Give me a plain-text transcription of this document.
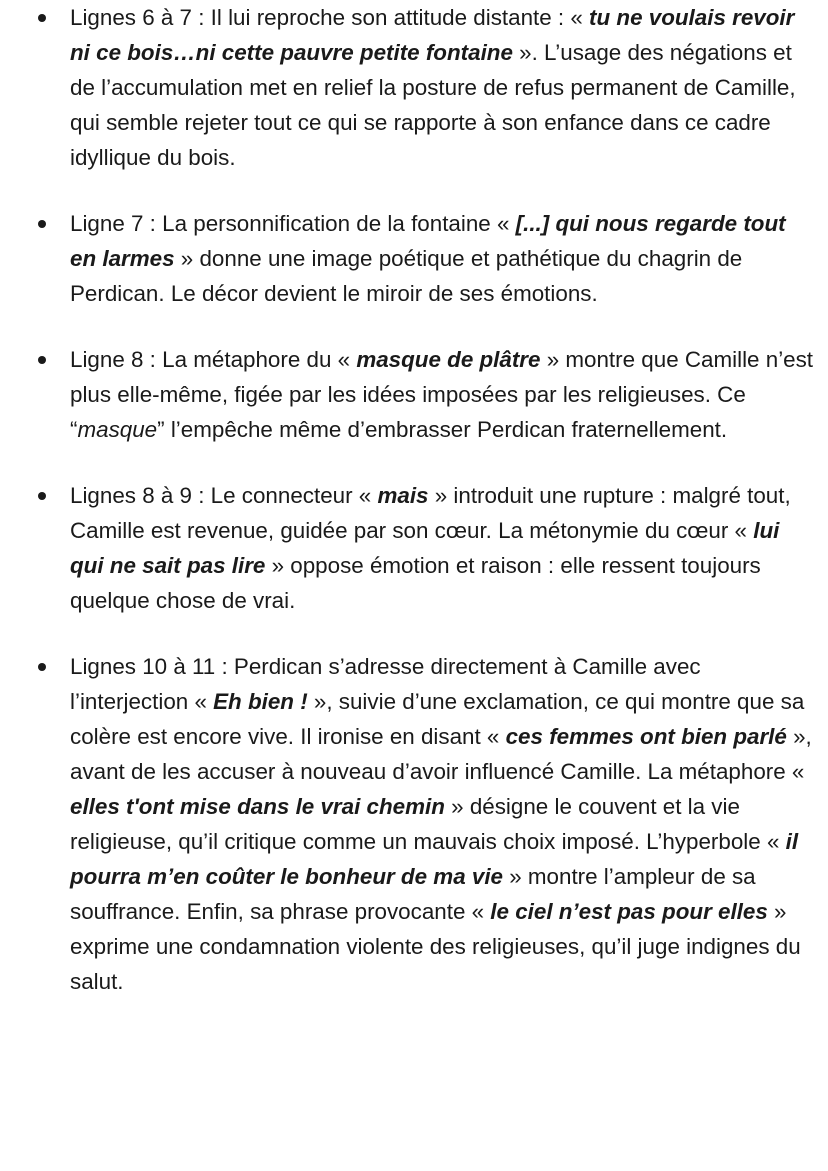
Lignes 6 à 7 : Il lui reproche son attitude distante : « tu ne voulais revoir ni ce bois…ni cette pauvre petite fontaine ». L’usage des négations et de l’accumulation met en relief la posture de refus permanent de Camille, qui semble rejeter tout ce qui se rapporte à son enfance dans ce cadre idyllique du bois.
Ligne 7 : La personnification de la fontaine « [...] qui nous regarde tout en larmes » donne une image poétique et pathétique du chagrin de Perdican. Le décor devient le miroir de ses émotions.
Ligne 8 : La métaphore du « masque de plâtre » montre que Camille n’est plus elle-même, figée par les idées imposées par les religieuses. Ce “masque” l’empêche même d’embrasser Perdican fraternellement.
Lignes 8 à 9 : Le connecteur « mais » introduit une rupture : malgré tout, Camille est revenue, guidée par son cœur. La métonymie du cœur « lui qui ne sait pas lire » oppose émotion et raison : elle ressent toujours quelque chose de vrai.
Lignes 10 à 11 : Perdican s’adresse directement à Camille avec l’interjection « Eh bien ! », suivie d’une exclamation, ce qui montre que sa colère est encore vive. Il ironise en disant « ces femmes ont bien parlé », avant de les accuser à nouveau d’avoir influencé Camille. La métaphore « elles t'ont mise dans le vrai chemin » désigne le couvent et la vie religieuse, qu’il critique comme un mauvais choix imposé. L’hyperbole « il pourra m’en coûter le bonheur de ma vie » montre l’ampleur de sa souffrance. Enfin, sa phrase provocante « le ciel n’est pas pour elles » exprime une condamnation violente des religieuses, qu’il juge indignes du salut.
